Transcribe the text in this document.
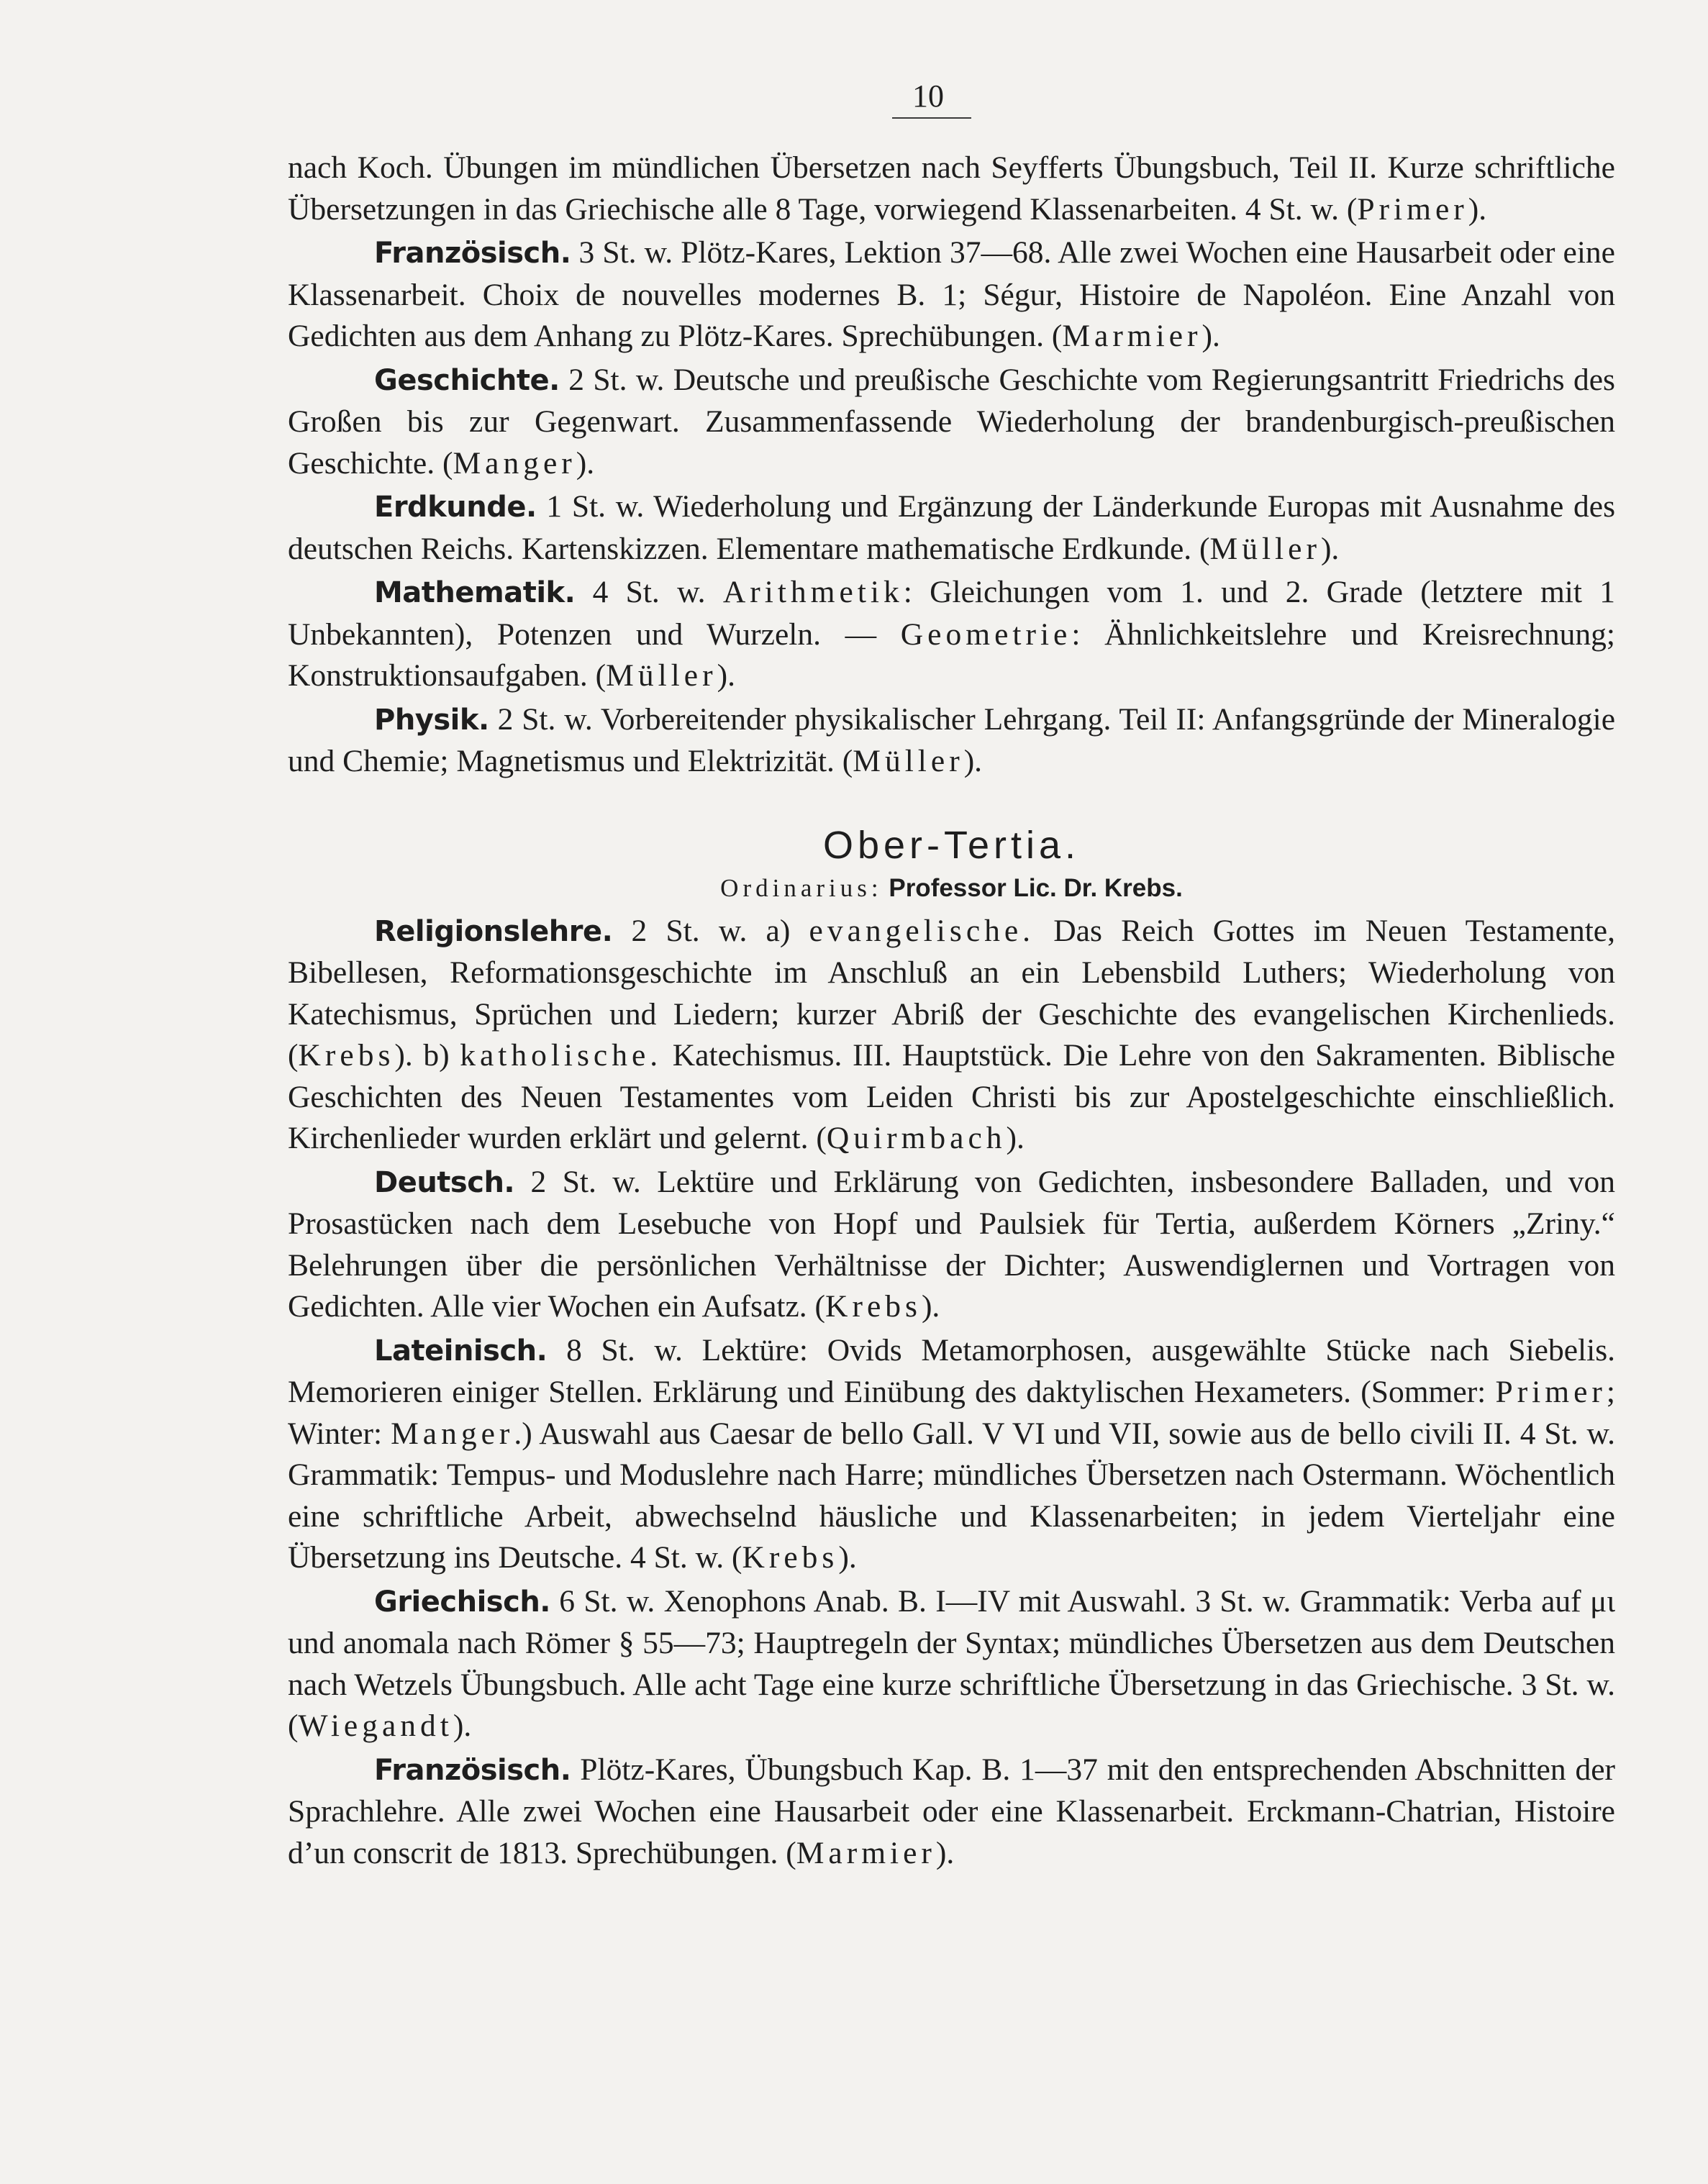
10

nach Koch. Übungen im mündlichen Übersetzen nach Seyfferts Übungsbuch, Teil II. Kurze schriftliche Übersetzungen in das Griechische alle 8 Tage, vorwiegend Klassenarbeiten. 4 St. w. (Primer).

Französisch. 3 St. w. Plötz-Kares, Lektion 37—68. Alle zwei Wochen eine Hausarbeit oder eine Klassenarbeit. Choix de nouvelles modernes B. 1; Ségur, Histoire de Napoléon. Eine Anzahl von Gedichten aus dem Anhang zu Plötz-Kares. Sprechübungen. (Marmier).

Geschichte. 2 St. w. Deutsche und preußische Geschichte vom Regierungsantritt Friedrichs des Großen bis zur Gegenwart. Zusammenfassende Wiederholung der brandenburgisch-preußischen Geschichte. (Manger).

Erdkunde. 1 St. w. Wiederholung und Ergänzung der Länderkunde Europas mit Ausnahme des deutschen Reichs. Kartenskizzen. Elementare mathematische Erdkunde. (Müller).

Mathematik. 4 St. w. Arithmetik: Gleichungen vom 1. und 2. Grade (letztere mit 1 Unbekannten), Potenzen und Wurzeln. — Geometrie: Ähnlichkeitslehre und Kreisrechnung; Konstruktionsaufgaben. (Müller).

Physik. 2 St. w. Vorbereitender physikalischer Lehrgang. Teil II: Anfangsgründe der Mineralogie und Chemie; Magnetismus und Elektrizität. (Müller).

Ober-Tertia.
Ordinarius: Professor Lic. Dr. Krebs.

Religionslehre. 2 St. w. a) evangelische. Das Reich Gottes im Neuen Testamente, Bibellesen, Reformationsgeschichte im Anschluß an ein Lebensbild Luthers; Wiederholung von Katechismus, Sprüchen und Liedern; kurzer Abriß der Geschichte des evangelischen Kirchenlieds. (Krebs). b) katholische. Katechismus. III. Hauptstück. Die Lehre von den Sakramenten. Biblische Geschichten des Neuen Testamentes vom Leiden Christi bis zur Apostelgeschichte einschließlich. Kirchenlieder wurden erklärt und gelernt. (Quirmbach).

Deutsch. 2 St. w. Lektüre und Erklärung von Gedichten, insbesondere Balladen, und von Prosastücken nach dem Lesebuche von Hopf und Paulsiek für Tertia, außerdem Körners „Zriny.“ Belehrungen über die persönlichen Verhältnisse der Dichter; Auswendiglernen und Vortragen von Gedichten. Alle vier Wochen ein Aufsatz. (Krebs).

Lateinisch. 8 St. w. Lektüre: Ovids Metamorphosen, ausgewählte Stücke nach Siebelis. Memorieren einiger Stellen. Erklärung und Einübung des daktylischen Hexameters. (Sommer: Primer; Winter: Manger.) Auswahl aus Caesar de bello Gall. V VI und VII, sowie aus de bello civili II. 4 St. w. Grammatik: Tempus- und Moduslehre nach Harre; mündliches Übersetzen nach Ostermann. Wöchentlich eine schriftliche Arbeit, abwechselnd häusliche und Klassenarbeiten; in jedem Vierteljahr eine Übersetzung ins Deutsche. 4 St. w. (Krebs).

Griechisch. 6 St. w. Xenophons Anab. B. I—IV mit Auswahl. 3 St. w. Grammatik: Verba auf μι und anomala nach Römer § 55—73; Hauptregeln der Syntax; mündliches Übersetzen aus dem Deutschen nach Wetzels Übungsbuch. Alle acht Tage eine kurze schriftliche Übersetzung in das Griechische. 3 St. w. (Wiegandt).

Französisch. Plötz-Kares, Übungsbuch Kap. B. 1—37 mit den entsprechenden Abschnitten der Sprachlehre. Alle zwei Wochen eine Hausarbeit oder eine Klassenarbeit. Erckmann-Chatrian, Histoire d’un conscrit de 1813. Sprechübungen. (Marmier).
